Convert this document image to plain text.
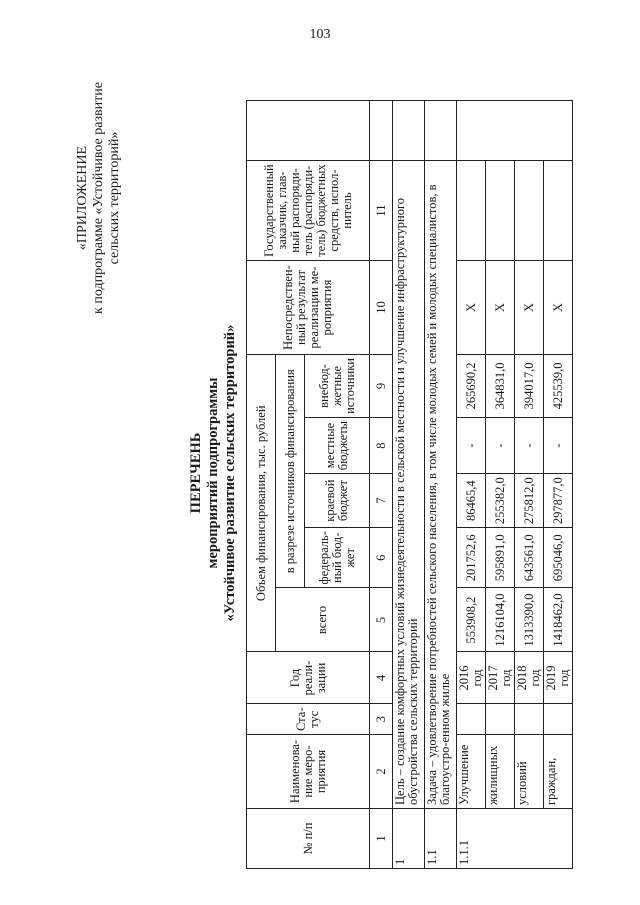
103
«ПРИЛОЖЕНИЕ к подпрограмме «Устойчивое развитие сельских территорий»
ПЕРЕЧЕНЬ мероприятий подпрограммы «Устойчивое развитие сельских территорий»
№ п/п	Наименова-ние меро-приятия	Ста-тус	Год реали-зации	Объем финансирования, тыс. рублей					Непосредствен-ный результат реализации ме-роприятия	Государственный заказчик, глав-ный распоряди-тель (распоряди-тель) бюджетных средств, испол-нитель	
				всего	в разрезе источников финансирования						
					федераль-ный бюд-жет	краевой бюджет	местные бюджеты	внебюд-жетные источники			
1	2	3	4	5	6	7	8	9	10	11	
1	Цель – создание комфортных условий жизнедеятельности в сельской местности и улучшение инфраструктурного обустройства сельских территорий										
1.1	Задача – удовлетворение потребностей сельского населения, в том числе молодых семей и молодых специалистов, в благоустро-енном жилье										
1.1.1	Улучшение		2016 год	553908,2	201752,6	86465,4	-	265690,2	Х		
	жилищных		2017 год	1216104,0	595891,0	255382,0	-	364831,0	Х		
	условий		2018 год	1313390,0	643561,0	275812,0	-	394017,0	Х		
	граждан,		2019 год	1418462,0	695046,0	297877,0	-	425539,0	Х		
